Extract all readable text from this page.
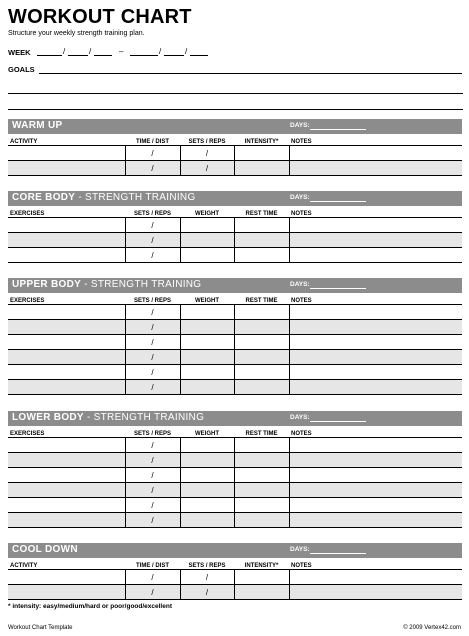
WORKOUT CHART
Structure your weekly strength training plan.
WEEK	/	/	–	/	/
GOALS
WARM UP	DAYS:
ACTIVITY	TIME / DIST	SETS / REPS	INTENSITY*	NOTES
	/	/		
	/	/		
CORE BODY - STRENGTH TRAINING	DAYS:
EXERCISES	SETS / REPS	WEIGHT	REST TIME	NOTES
	/			
	/			
	/			
UPPER BODY - STRENGTH TRAINING	DAYS:
EXERCISES	SETS / REPS	WEIGHT	REST TIME	NOTES
	/			
	/			
	/			
	/			
	/			
	/			
LOWER BODY - STRENGTH TRAINING	DAYS:
EXERCISES	SETS / REPS	WEIGHT	REST TIME	NOTES
	/			
	/			
	/			
	/			
	/			
	/			
COOL DOWN	DAYS:
ACTIVITY	TIME / DIST	SETS / REPS	INTENSITY*	NOTES
	/	/		
	/	/		
* intensity: easy/medium/hard or poor/good/excellent
Workout Chart Template	© 2009 Vertex42.com
